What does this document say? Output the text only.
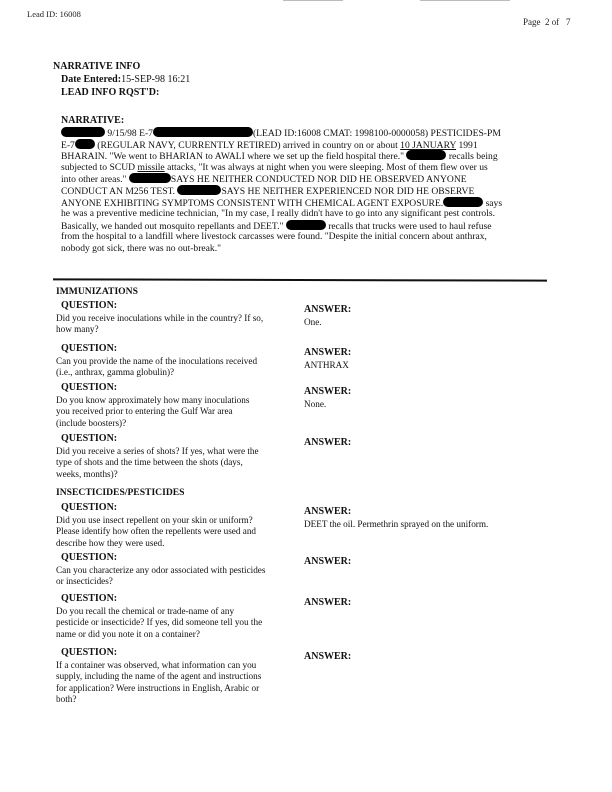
Lead ID: 16008
Page 2 of 7
NARRATIVE INFO
Date Entered:15-SEP-98 16:21
LEAD INFO RQST'D:
NARRATIVE:
9/15/98 E-7	(LEAD ID:16008 CMAT: 1998100-0000058) PESTICIDES-PM
E-7 (REGULAR NAVY, CURRENTLY RETIRED) arrived in country on or about 10 JANUARY 1991
BHARAIN. "We went to BHARIAN to AWALI where we set up the field hospital there."	recalls being
subjected to SCUD missile attacks, "It was always at night when you were sleeping. Most of them flew over us
into other areas."	SAYS HE NEITHER CONDUCTED NOR DID HE OBSERVED ANYONE
CONDUCT AN M256 TEST.	SAYS HE NEITHER EXPERIENCED NOR DID HE OBSERVE
ANYONE EXHIBITING SYMPTOMS CONSISTENT WITH CHEMICAL AGENT EXPOSURE.	says
he was a preventive medicine technician, "In my case, I really didn't have to go into any significant pest controls.
Basically, we handed out mosquito repellants and DEET."	recalls that trucks were used to haul refuse
from the hospital to a landfill where livestock carcasses were found. "Despite the initial concern about anthrax,
nobody got sick, there was no out-break."
IMMUNIZATIONS
QUESTION:
Did you receive inoculations while in the country? If so,
how many?
ANSWER:
One.
QUESTION:
Can you provide the name of the inoculations received
(i.e., anthrax, gamma globulin)?
ANSWER:
ANTHRAX
QUESTION:
Do you know approximately how many inoculations
you received prior to entering the Gulf War area
(include boosters)?
ANSWER:
None.
QUESTION:
Did you receive a series of shots? If yes, what were the
type of shots and the time between the shots (days,
weeks, months)?
ANSWER:
INSECTICIDES/PESTICIDES
QUESTION:
Did you use insect repellent on your skin or uniform?
Please identify how often the repellents were used and
describe how they were used.
ANSWER:
DEET the oil. Permethrin sprayed on the uniform.
QUESTION:
Can you characterize any odor associated with pesticides
or insecticides?
ANSWER:
QUESTION:
Do you recall the chemical or trade-name of any
pesticide or insecticide? If yes, did someone tell you the
name or did you note it on a container?
ANSWER:
QUESTION:
If a container was observed, what information can you
supply, including the name of the agent and instructions
for application? Were instructions in English, Arabic or
both?
ANSWER:
